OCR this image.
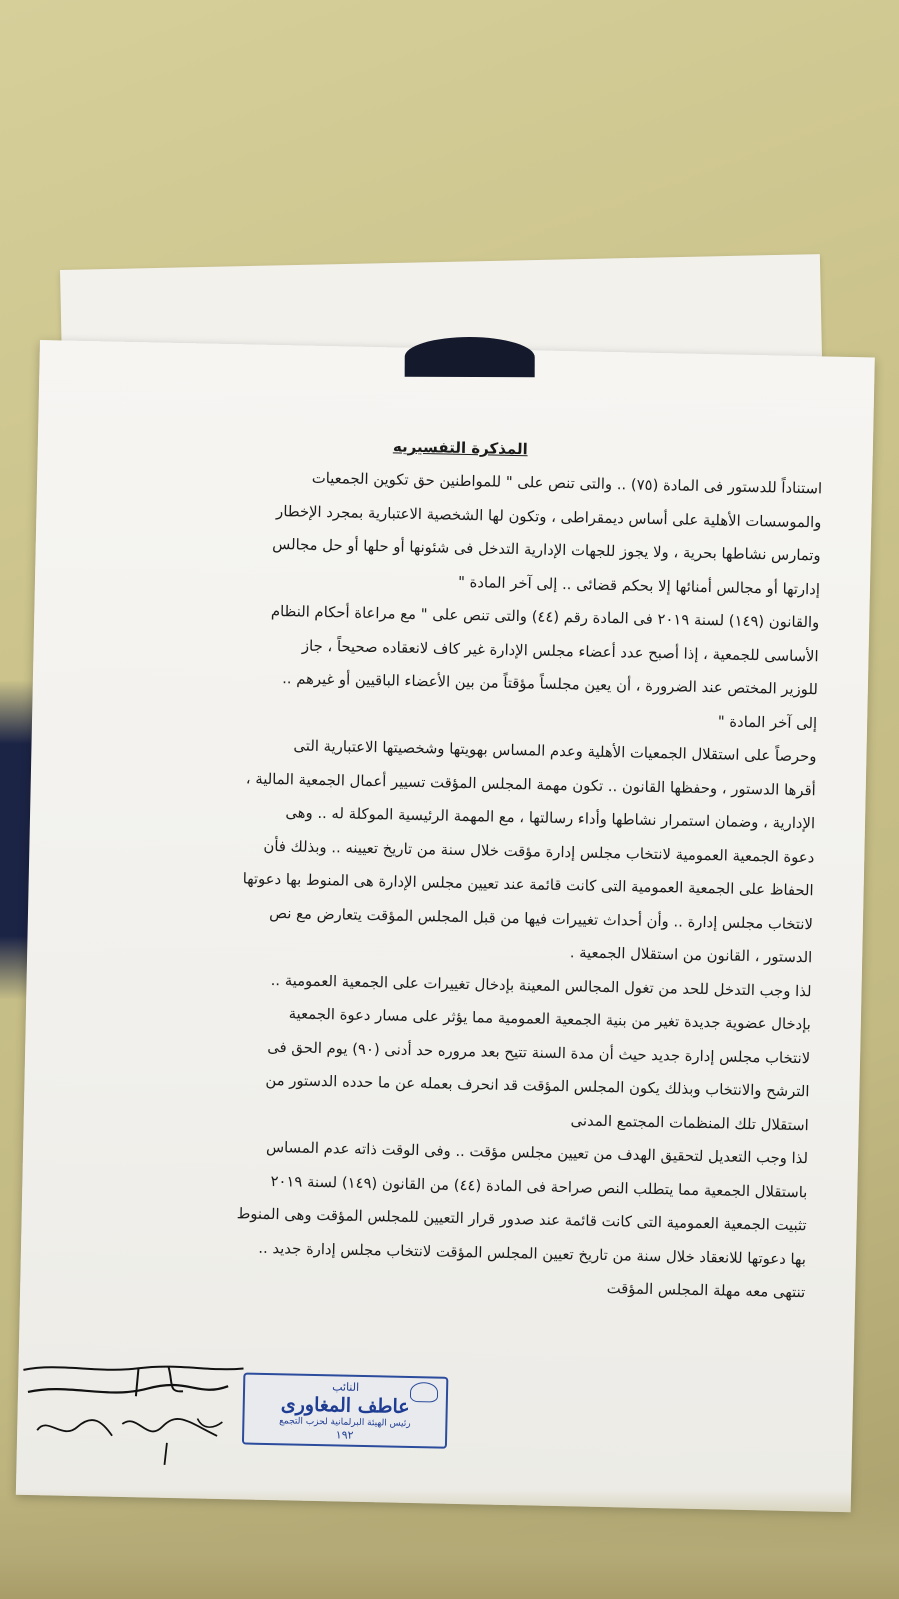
المذكرة التفسيريه
استناداً للدستور فى المادة (٧٥) .. والتى تنص على " للمواطنين حق تكوين الجمعيات
والموسسات الأهلية على أساس ديمقراطى ، وتكون لها الشخصية الاعتبارية بمجرد الإخطار
وتمارس نشاطها بحرية ، ولا يجوز للجهات الإدارية التدخل فى شئونها أو حلها أو حل مجالس
إدارتها أو مجالس أمنائها إلا بحكم قضائى .. إلى آخر المادة "
والقانون (١٤٩) لسنة ٢٠١٩ فى المادة رقم (٤٤) والتى تنص على " مع مراعاة أحكام النظام
الأساسى للجمعية ، إذا أصبح عدد أعضاء مجلس الإدارة غير كاف لانعقاده صحيحاً ، جاز
للوزير المختص عند الضرورة ، أن يعين مجلساً مؤقتاً من بين الأعضاء الباقيين أو غيرهم ..
إلى آخر المادة "
وحرصاً على استقلال الجمعيات الأهلية وعدم المساس بهويتها وشخصيتها الاعتبارية التى
أقرها الدستور ، وحفظها القانون .. تكون مهمة المجلس المؤقت تسيير أعمال الجمعية المالية ،
الإدارية ، وضمان استمرار نشاطها وأداء رسالتها ، مع المهمة الرئيسية الموكلة له .. وهى
دعوة الجمعية العمومية لانتخاب مجلس إدارة مؤقت خلال سنة من تاريخ تعيينه .. وبذلك فأن
الحفاظ على الجمعية العمومية التى كانت قائمة عند تعيين مجلس الإدارة هى المنوط بها دعوتها
لانتخاب مجلس إدارة .. وأن أحداث تغييرات فيها من قبل المجلس المؤقت يتعارض مع نص
الدستور ، القانون من استقلال الجمعية .
لذا وجب التدخل للحد من تغول المجالس المعينة بإدخال تغييرات على الجمعية العمومية ..
بإدخال عضوية جديدة تغير من بنية الجمعية العمومية مما يؤثر على مسار دعوة الجمعية
لانتخاب مجلس إدارة جديد حيث أن مدة السنة تتيح بعد مروره حد أدنى (٩٠) يوم الحق فى
الترشح والانتخاب وبذلك يكون المجلس المؤقت قد انحرف بعمله عن ما حدده الدستور من
استقلال تلك المنظمات المجتمع المدنى
لذا وجب التعديل لتحقيق الهدف من تعيين مجلس مؤقت .. وفى الوقت ذاته عدم المساس
باستقلال الجمعية مما يتطلب النص صراحة فى المادة (٤٤) من القانون (١٤٩) لسنة ٢٠١٩
تثبيت الجمعية العمومية التى كانت قائمة عند صدور قرار التعيين للمجلس المؤقت وهى المنوط
بها دعوتها للانعقاد خلال سنة من تاريخ تعيين المجلس المؤقت لانتخاب مجلس إدارة جديد ..
تنتهى معه مهلة المجلس المؤقت
النائب
عاطف المغاورى
رئيس الهيئة البرلمانية لحزب التجمع
١٩٢
